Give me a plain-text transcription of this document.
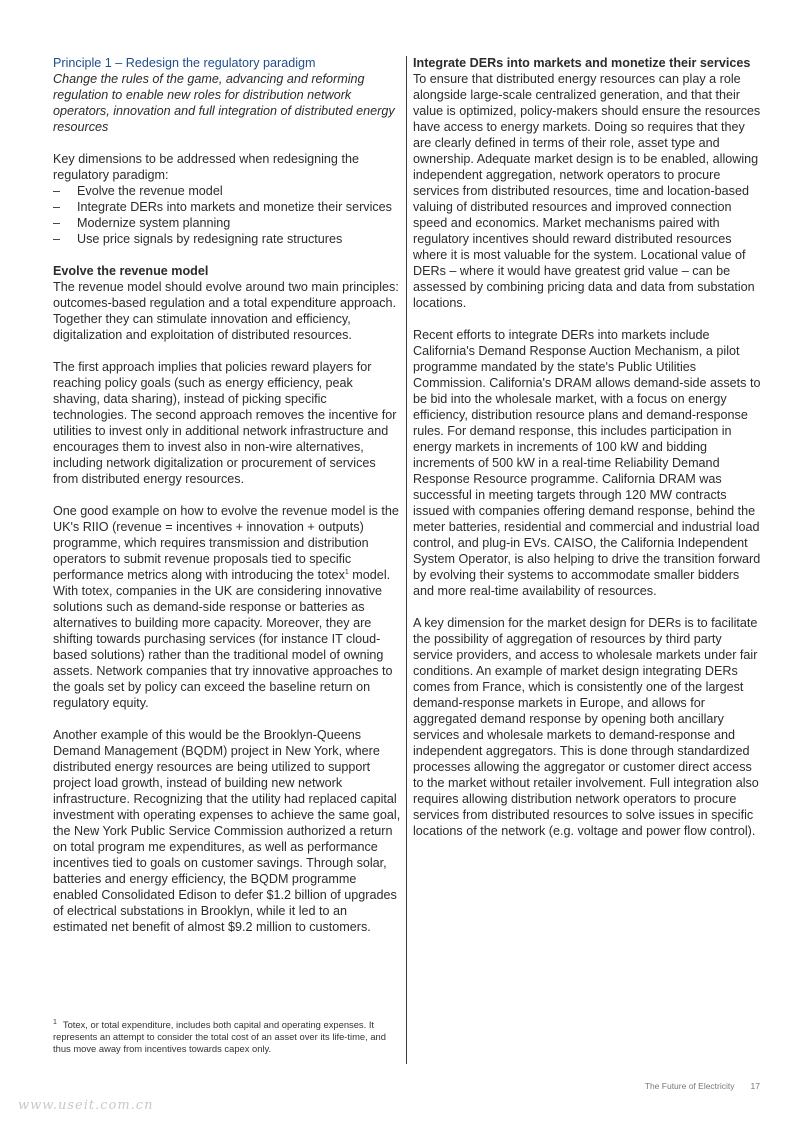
Principle 1 – Redesign the regulatory paradigm

Change the rules of the game, advancing and reforming regulation to enable new roles for distribution network operators, innovation and full integration of distributed energy resources

Key dimensions to be addressed when redesigning the regulatory paradigm:

– Evolve the revenue model
– Integrate DERs into markets and monetize their services
– Modernize system planning
– Use price signals by redesigning rate structures

Evolve the revenue model

The revenue model should evolve around two main principles: outcomes-based regulation and a total expenditure approach. Together they can stimulate innovation and efficiency, digitalization and exploitation of distributed resources.

The first approach implies that policies reward players for reaching policy goals (such as energy efficiency, peak shaving, data sharing), instead of picking specific technologies. The second approach removes the incentive for utilities to invest only in additional network infrastructure and encourages them to invest also in non-wire alternatives, including network digitalization or procurement of services from distributed energy resources.

One good example on how to evolve the revenue model is the UK's RIIO (revenue = incentives + innovation + outputs) programme, which requires transmission and distribution operators to submit revenue proposals tied to specific performance metrics along with introducing the totex$^1$ model. With totex, companies in the UK are considering innovative solutions such as demand-side response or batteries as alternatives to building more capacity. Moreover, they are shifting towards purchasing services (for instance IT cloud-based solutions) rather than the traditional model of owning assets. Network companies that try innovative approaches to the goals set by policy can exceed the baseline return on regulatory equity.

Another example of this would be the Brooklyn-Queens Demand Management (BQDM) project in New York, where distributed energy resources are being utilized to support project load growth, instead of building new network infrastructure. Recognizing that the utility had replaced capital investment with operating expenses to achieve the same goal, the New York Public Service Commission authorized a return on total program me expenditures, as well as performance incentives tied to goals on customer savings. Through solar, batteries and energy efficiency, the BQDM programme enabled Consolidated Edison to defer $1.2 billion of upgrades of electrical substations in Brooklyn, while it led to an estimated net benefit of almost $9.2 million to customers.

Integrate DERs into markets and monetize their services

To ensure that distributed energy resources can play a role alongside large-scale centralized generation, and that their value is optimized, policy-makers should ensure the resources have access to energy markets. Doing so requires that they are clearly defined in terms of their role, asset type and ownership. Adequate market design is to be enabled, allowing independent aggregation, network operators to procure services from distributed resources, time and location-based valuing of distributed resources and improved connection speed and economics. Market mechanisms paired with regulatory incentives should reward distributed resources where it is most valuable for the system. Locational value of DERs – where it would have greatest grid value – can be assessed by combining pricing data and data from substation locations.

Recent efforts to integrate DERs into markets include California's Demand Response Auction Mechanism, a pilot programme mandated by the state's Public Utilities Commission. California's DRAM allows demand-side assets to be bid into the wholesale market, with a focus on energy efficiency, distribution resource plans and demand-response rules. For demand response, this includes participation in energy markets in increments of 100 kW and bidding increments of 500 kW in a real-time Reliability Demand Response Resource programme. California DRAM was successful in meeting targets through 120 MW contracts issued with companies offering demand response, behind the meter batteries, residential and commercial and industrial load control, and plug-in EVs. CAISO, the California Independent System Operator, is also helping to drive the transition forward by evolving their systems to accommodate smaller bidders and more real-time availability of resources.

A key dimension for the market design for DERs is to facilitate the possibility of aggregation of resources by third party service providers, and access to wholesale markets under fair conditions. An example of market design integrating DERs comes from France, which is consistently one of the largest demand-response markets in Europe, and allows for aggregated demand response by opening both ancillary services and wholesale markets to demand-response and independent aggregators. This is done through standardized processes allowing the aggregator or customer direct access to the market without retailer involvement. Full integration also requires allowing distribution network operators to procure services from distributed resources to solve issues in specific locations of the network (e.g. voltage and power flow control).

$^1$ Totex, or total expenditure, includes both capital and operating expenses. It represents an attempt to consider the total cost of an asset over its life-time, and thus move away from incentives towards capex only.
The Future of Electricity 17
www.useit.com.cn
